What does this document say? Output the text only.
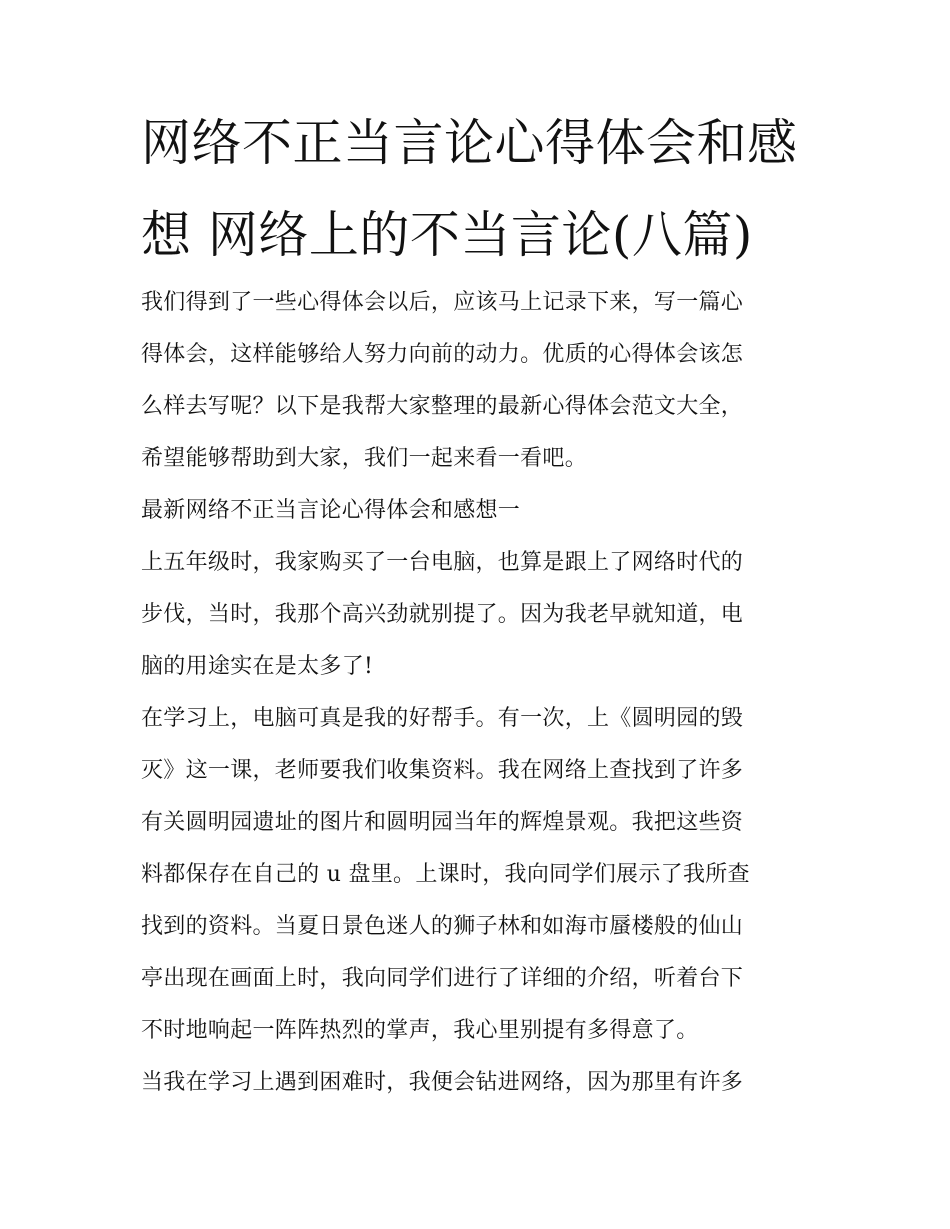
网络不正当言论心得体会和感
想 网络上的不当言论(八篇)
我们得到了一些心得体会以后，应该马上记录下来，写一篇心
得体会，这样能够给人努力向前的动力。优质的心得体会该怎
么样去写呢？以下是我帮大家整理的最新心得体会范文大全，
希望能够帮助到大家，我们一起来看一看吧。
最新网络不正当言论心得体会和感想一
上五年级时，我家购买了一台电脑，也算是跟上了网络时代的
步伐，当时，我那个高兴劲就别提了。因为我老早就知道，电
脑的用途实在是太多了!
在学习上，电脑可真是我的好帮手。有一次，上《圆明园的毁
灭》这一课，老师要我们收集资料。我在网络上查找到了许多
有关圆明园遗址的图片和圆明园当年的辉煌景观。我把这些资
料都保存在自己的 u 盘里。上课时，我向同学们展示了我所查
找到的资料。当夏日景色迷人的狮子林和如海市蜃楼般的仙山
亭出现在画面上时，我向同学们进行了详细的介绍，听着台下
不时地响起一阵阵热烈的掌声，我心里别提有多得意了。
当我在学习上遇到困难时，我便会钻进网络，因为那里有许多
